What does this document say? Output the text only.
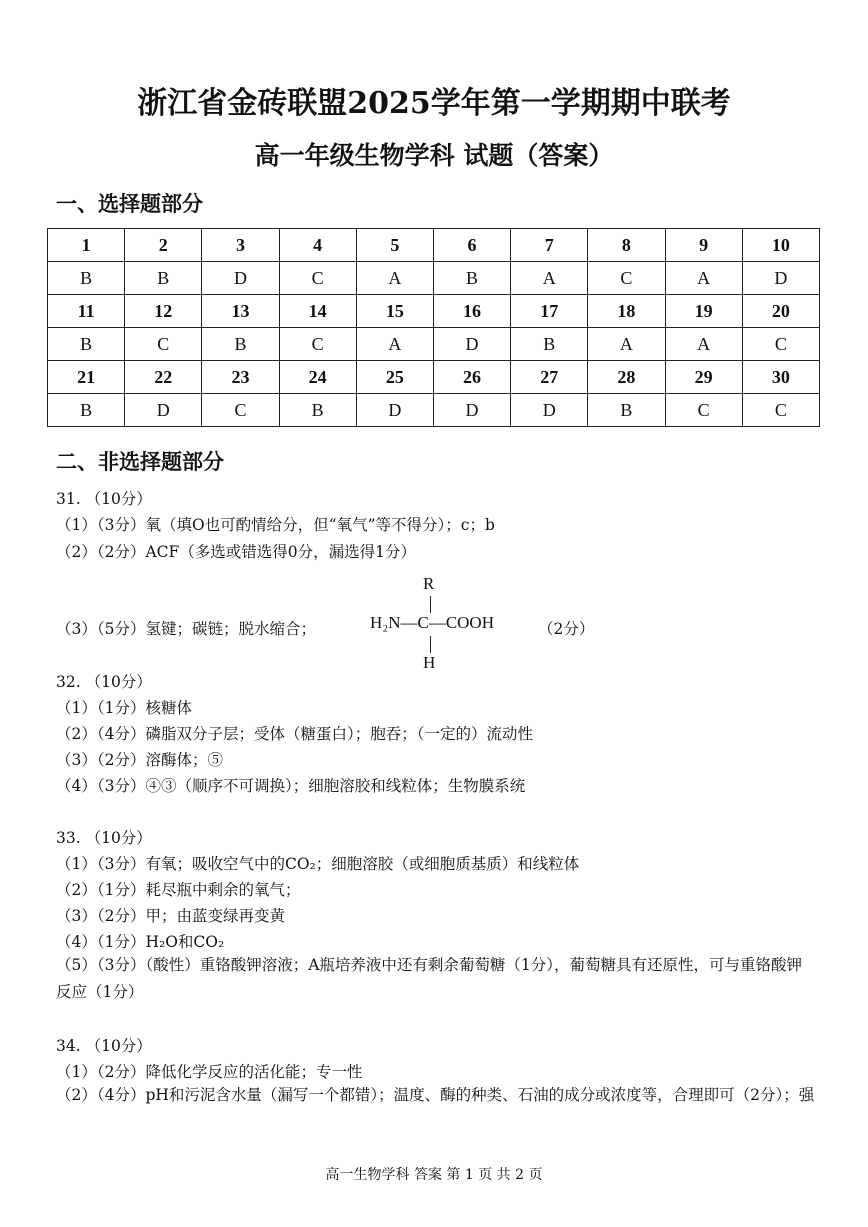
浙江省金砖联盟2025学年第一学期期中联考
高一年级生物学科 试题（答案）
一、选择题部分
1	2	3	4	5	6	7	8	9	10
B	B	D	C	A	B	A	C	A	D
11	12	13	14	15	16	17	18	19	20
B	C	B	C	A	D	B	A	A	C
21	22	23	24	25	26	27	28	29	30
B	D	C	B	D	D	D	B	C	C
二、非选择题部分
31. （10分）
（1）（3分）氧（填O也可酌情给分，但“氧气”等不得分）；c；b
（2）（2分）ACF（多选或错选得0分，漏选得1分）
（3）（5分）氢键；碳链；脱水缩合；
R
H₂N—C—COOH
H
（2分）
32. （10分）
（1）（1分）核糖体
（2）（4分）磷脂双分子层；受体（糖蛋白）；胞吞；（一定的）流动性
（3）（2分）溶酶体；⑤
（4）（3分）④③（顺序不可调换）；细胞溶胶和线粒体；生物膜系统
33. （10分）
（1）（3分）有氧；吸收空气中的CO₂；细胞溶胶（或细胞质基质）和线粒体
（2）（1分）耗尽瓶中剩余的氧气；
（3）（2分）甲；由蓝变绿再变黄
（4）（1分）H₂O和CO₂
（5）（3分）（酸性）重铬酸钾溶液；A瓶培养液中还有剩余葡萄糖（1分），葡萄糖具有还原性，可与重铬酸钾反应（1分）
34. （10分）
（1）（2分）降低化学反应的活化能；专一性
（2）（4分）pH和污泥含水量（漏写一个都错）；温度、酶的种类、石油的成分或浓度等，合理即可（2分）；强
高一生物学科 答案 第 1 页 共 2 页
